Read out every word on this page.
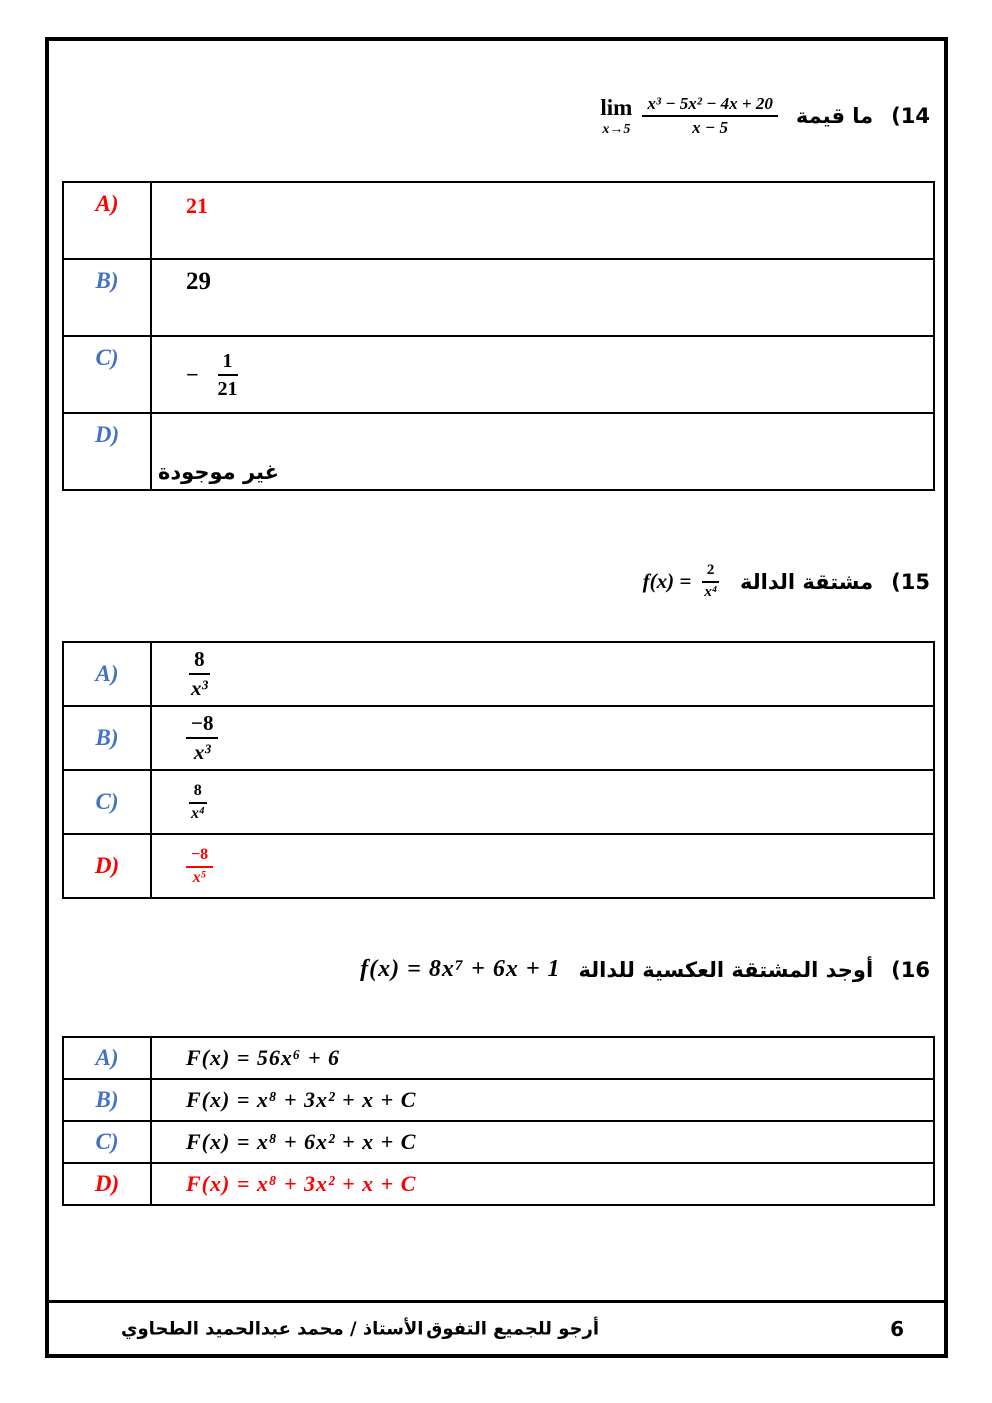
(14
ما قيمة
lim
$x\to 5 \frac{\text{x³ − 5x² − 4x + 20}}{x - 5}$
A)	21
B)	29
C)	− $\frac{1}{21}$

D)	غير موجودة
(15
مشتقة الدالة
$f(x) = \frac{2}{\text{x⁴}}$
A)	$\frac{8}{\text{x³}}$

B)	$\frac{-8}{\text{x³}}$

C)	$\frac{8}{\text{x⁴}}$

D)	$\frac{-8}{\text{x⁵}}$
(16
أوجد المشتقة العكسية للدالة
f(x) = 8x⁷ + 6x + 1
A)	F(x) = 56x⁶ + 6
B)	F(x) = x⁸ + 3x² + x + C
C)	F(x) = x⁸ + 6x² + x + C
D)	F(x) = x⁸ + 3x² + x + C
6
أرجو للجميع التفوق
الأستاذ / محمد عبدالحميد الطحاوي
